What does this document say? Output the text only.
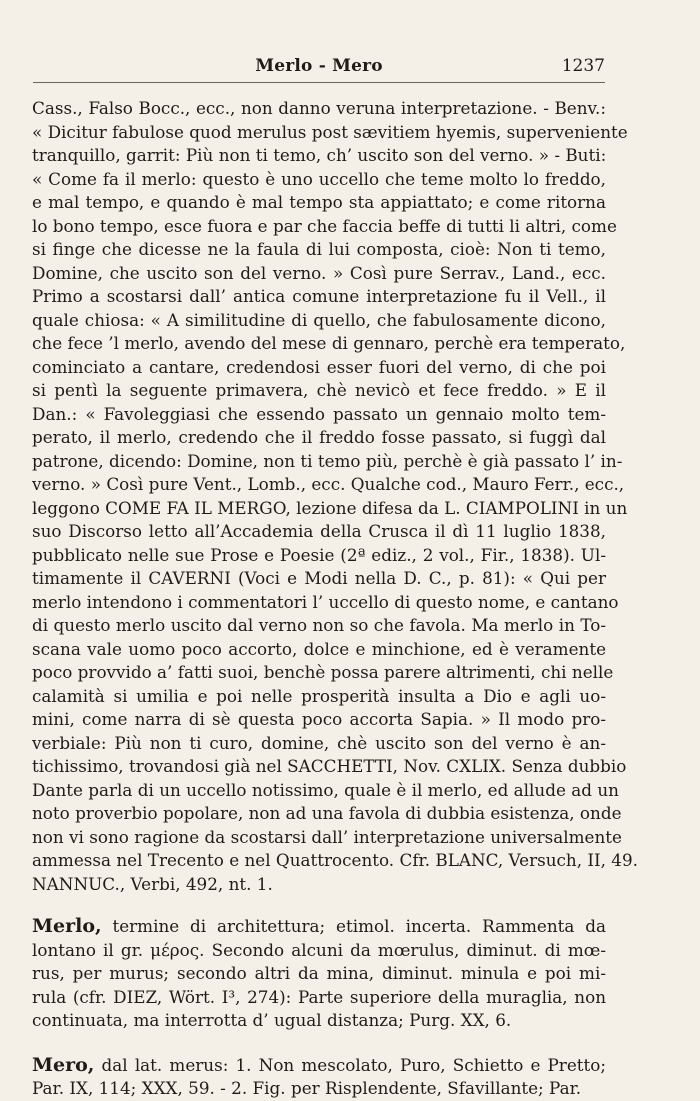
Merlo - Mero	1237

Cass., Falso Bocc., ecc., non danno veruna interpretazione. - Benv.:
« Dicitur fabulose quod merulus post sævitiem hyemis, superveniente
tranquillo, garrit: Più non ti temo, ch’ uscito son del verno. » - Buti:
« Come fa il merlo: questo è uno uccello che teme molto lo freddo,
e mal tempo, e quando è mal tempo sta appiattato; e come ritorna
lo bono tempo, esce fuora e par che faccia beffe di tutti li altri, come
si finge che dicesse ne la faula di lui composta, cioè: Non ti temo,
Domine, che uscito son del verno. » Così pure Serrav., Land., ecc.
Primo a scostarsi dall’ antica comune interpretazione fu il Vell., il
quale chiosa: « A similitudine di quello, che fabulosamente dicono,
che fece ’l merlo, avendo del mese di gennaro, perchè era temperato,
cominciato a cantare, credendosi esser fuori del verno, di che poi
si pentì la seguente primavera, chè nevicò et fece freddo. » E il
Dan.: « Favoleggiasi che essendo passato un gennaio molto tem-
perato, il merlo, credendo che il freddo fosse passato, si fuggì dal
patrone, dicendo: Domine, non ti temo più, perchè è già passato l’ in-
verno. » Così pure Vent., Lomb., ecc. Qualche cod., Mauro Ferr., ecc.,
leggono COME FA IL MERGO, lezione difesa da L. CIAMPOLINI in un
suo Discorso letto all’Accademia della Crusca il dì 11 luglio 1838,
pubblicato nelle sue Prose e Poesie (2ª ediz., 2 vol., Fir., 1838). Ul-
timamente il CAVERNI (Voci e Modi nella D. C., p. 81): « Qui per
merlo intendono i commentatori l’ uccello di questo nome, e cantano
di questo merlo uscito dal verno non so che favola. Ma merlo in To-
scana vale uomo poco accorto, dolce e minchione, ed è veramente
poco provvido a’ fatti suoi, benchè possa parere altrimenti, chi nelle
calamità si umilia e poi nelle prosperità insulta a Dio e agli uo-
mini, come narra di sè questa poco accorta Sapia. » Il modo pro-
verbiale: Più non ti curo, domine, chè uscito son del verno è an-
tichissimo, trovandosi già nel SACCHETTI, Nov. CXLIX. Senza dubbio
Dante parla di un uccello notissimo, quale è il merlo, ed allude ad un
noto proverbio popolare, non ad una favola di dubbia esistenza, onde
non vi sono ragione da scostarsi dall’ interpretazione universalmente
ammessa nel Trecento e nel Quattrocento. Cfr. BLANC, Versuch, II, 49.
NANNUC., Verbi, 492, nt. 1.

Merlo, termine di architettura; etimol. incerta. Rammenta da
lontano il gr. μέρος. Secondo alcuni da mœrulus, diminut. di mœ-
rus, per murus; secondo altri da mina, diminut. minula e poi mi-
rula (cfr. DIEZ, Wört. I³, 274): Parte superiore della muraglia, non
continuata, ma interrotta d’ ugual distanza; Purg. XX, 6.

Mero, dal lat. merus: 1. Non mescolato, Puro, Schietto e Pretto;
Par. IX, 114; XXX, 59. - 2. Fig. per Risplendente, Sfavillante; Par.
